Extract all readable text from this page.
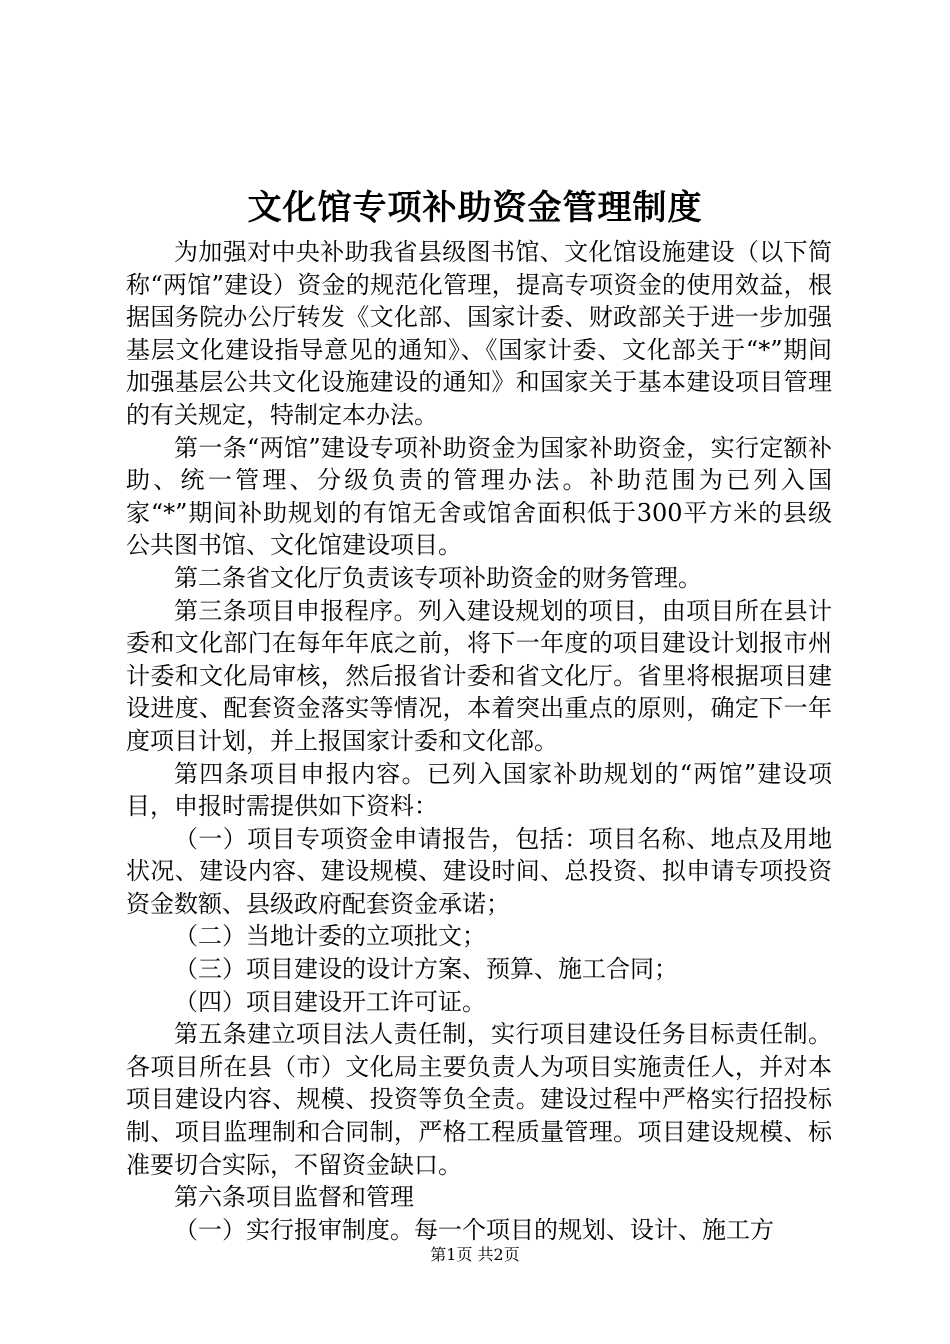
文化馆专项补助资金管理制度

为加强对中央补助我省县级图书馆、文化馆设施建设（以下简称“两馆”建设）资金的规范化管理，提高专项资金的使用效益，根据国务院办公厅转发《文化部、国家计委、财政部关于进一步加强基层文化建设指导意见的通知》、《国家计委、文化部关于“*”期间加强基层公共文化设施建设的通知》和国家关于基本建设项目管理的有关规定，特制定本办法。

第一条“两馆”建设专项补助资金为国家补助资金，实行定额补助、统一管理、分级负责的管理办法。补助范围为已列入国家“*”期间补助规划的有馆无舍或馆舍面积低于300平方米的县级公共图书馆、文化馆建设项目。

第二条省文化厅负责该专项补助资金的财务管理。

第三条项目申报程序。列入建设规划的项目，由项目所在县计委和文化部门在每年年底之前，将下一年度的项目建设计划报市州计委和文化局审核，然后报省计委和省文化厅。省里将根据项目建设进度、配套资金落实等情况，本着突出重点的原则，确定下一年度项目计划，并上报国家计委和文化部。

第四条项目申报内容。已列入国家补助规划的“两馆”建设项目，申报时需提供如下资料：

（一）项目专项资金申请报告，包括：项目名称、地点及用地状况、建设内容、建设规模、建设时间、总投资、拟申请专项投资资金数额、县级政府配套资金承诺；

（二）当地计委的立项批文；

（三）项目建设的设计方案、预算、施工合同；

（四）项目建设开工许可证。

第五条建立项目法人责任制，实行项目建设任务目标责任制。各项目所在县（市）文化局主要负责人为项目实施责任人，并对本项目建设内容、规模、投资等负全责。建设过程中严格实行招投标制、项目监理制和合同制，严格工程质量管理。项目建设规模、标准要切合实际，不留资金缺口。

第六条项目监督和管理

（一）实行报审制度。每一个项目的规划、设计、施工方

第1页 共2页
